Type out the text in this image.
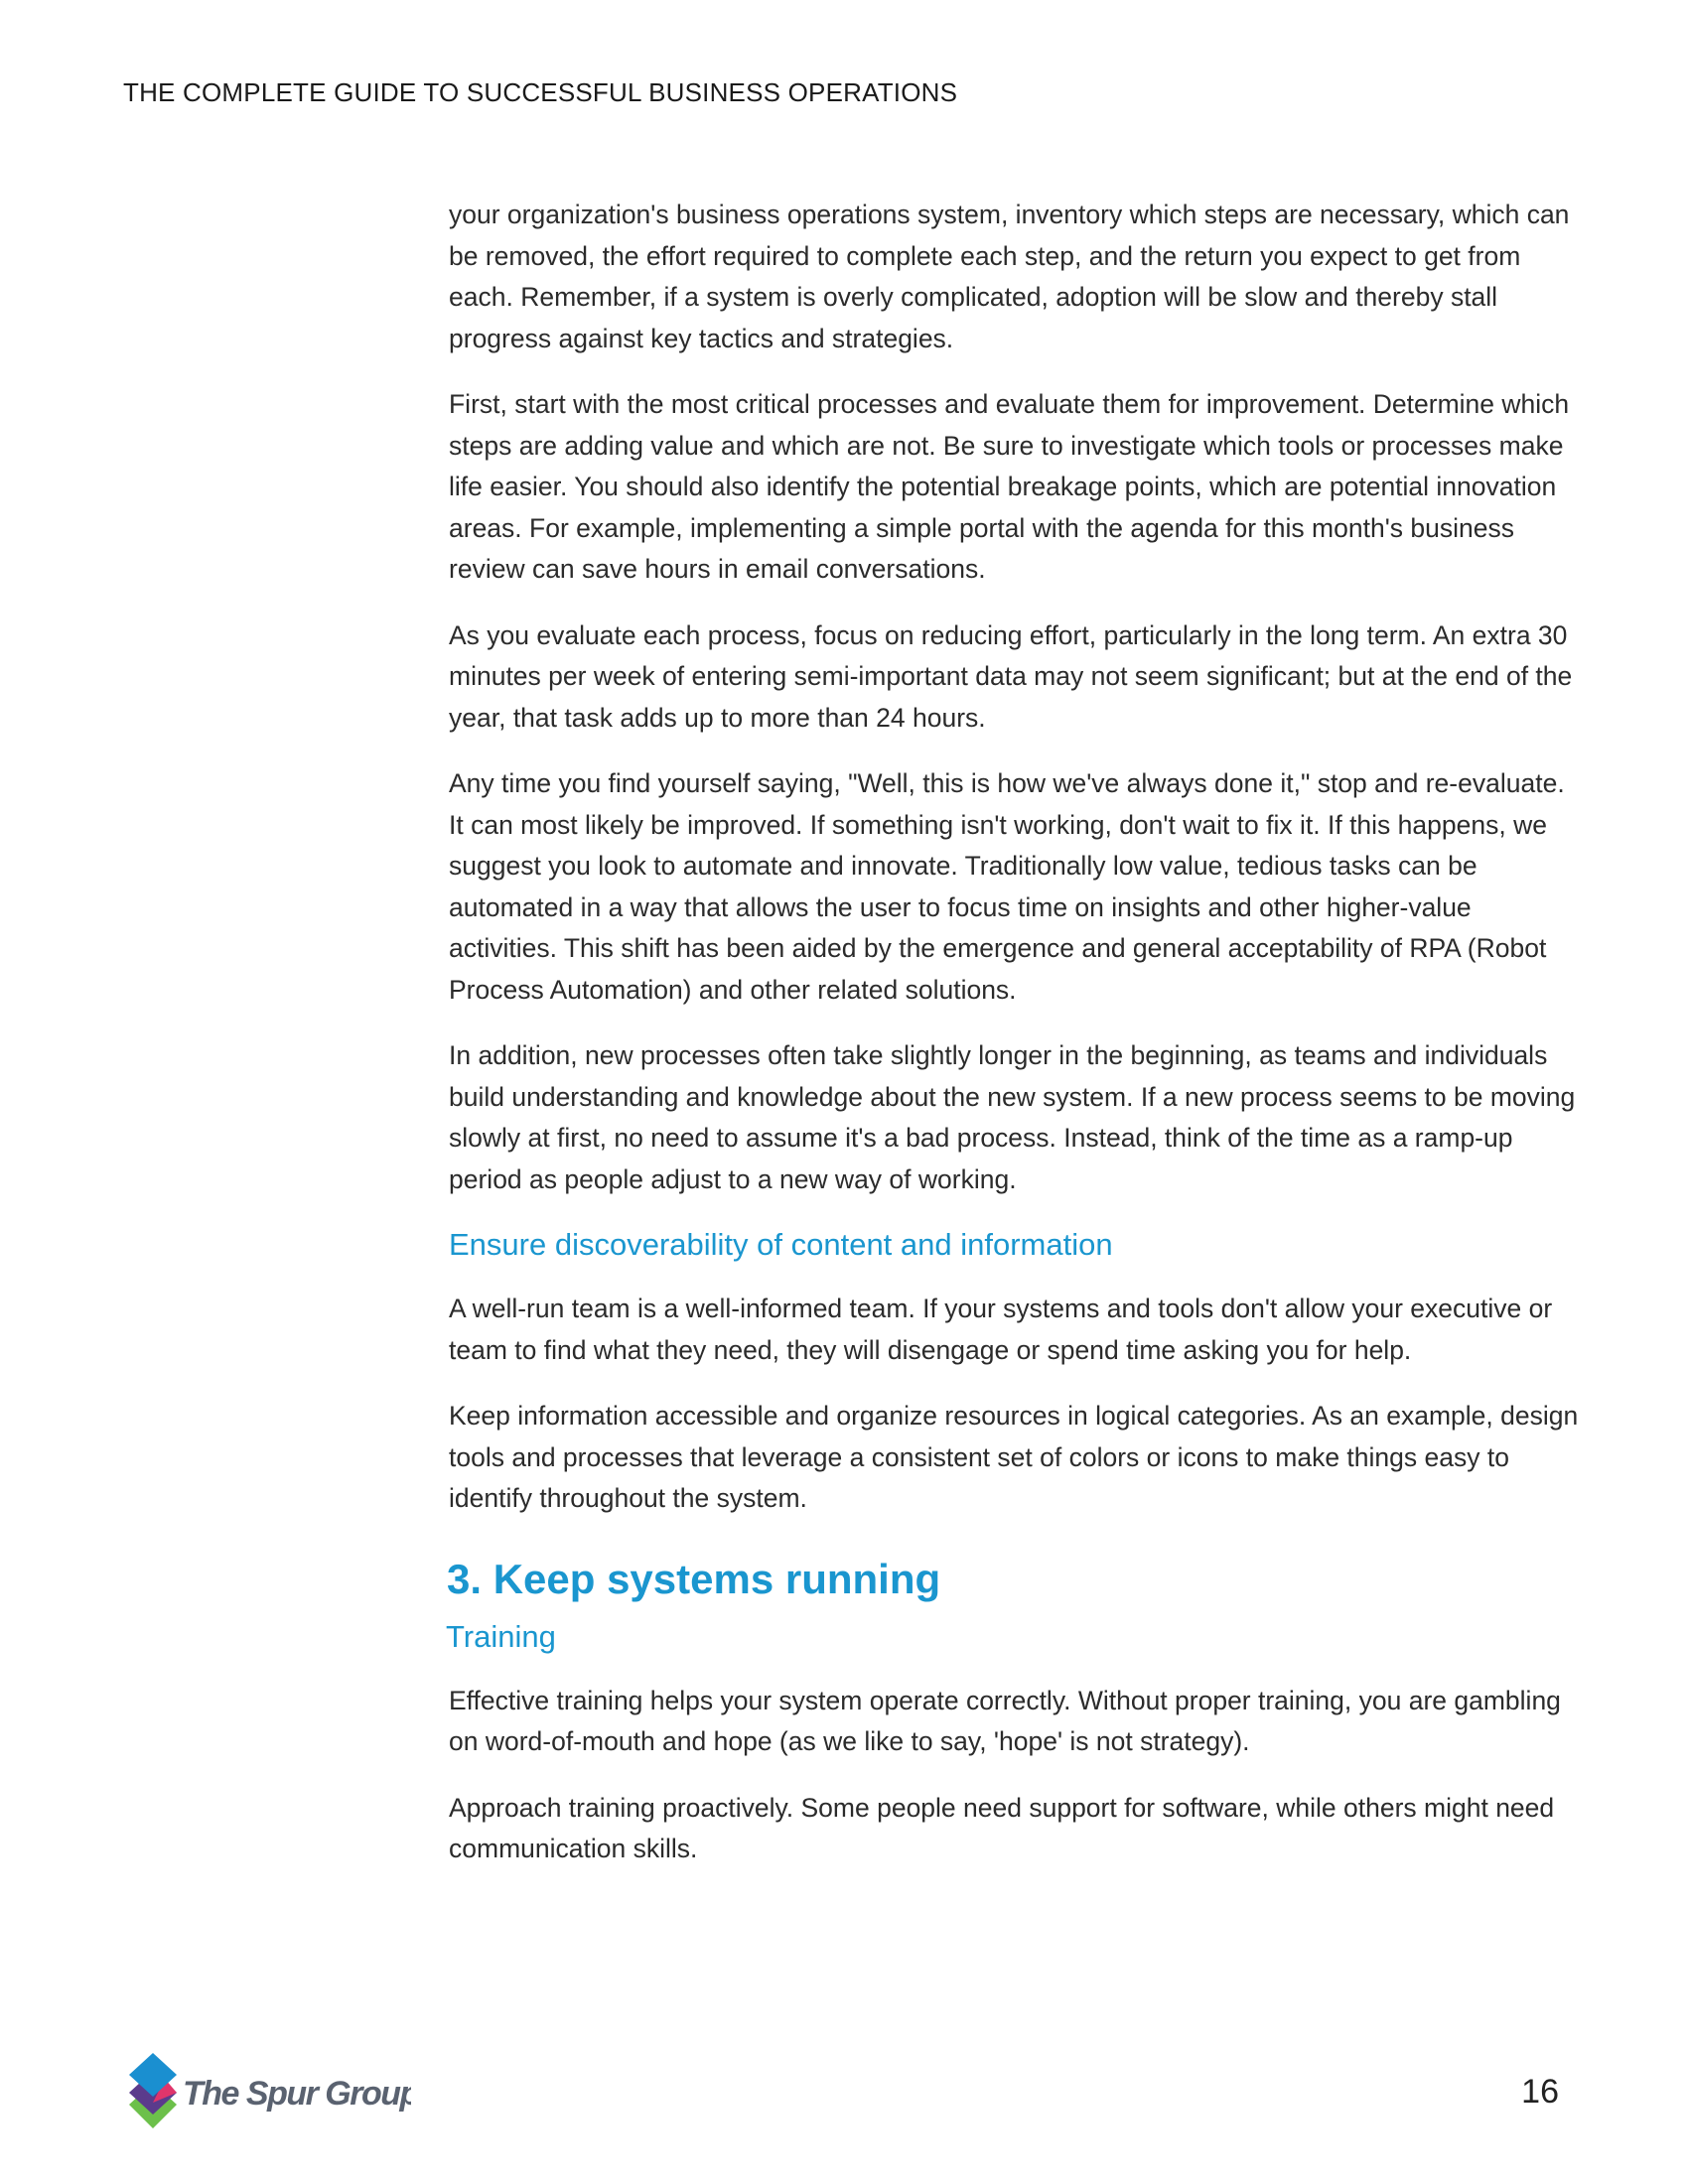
THE COMPLETE GUIDE TO SUCCESSFUL BUSINESS OPERATIONS

your organization's business operations system, inventory which steps are necessary, which can be removed, the effort required to complete each step, and the return you expect to get from each. Remember, if a system is overly complicated, adoption will be slow and thereby stall progress against key tactics and strategies.

First, start with the most critical processes and evaluate them for improvement. Determine which steps are adding value and which are not. Be sure to investigate which tools or processes make life easier. You should also identify the potential breakage points, which are potential innovation areas. For example, implementing a simple portal with the agenda for this month's business review can save hours in email conversations.

As you evaluate each process, focus on reducing effort, particularly in the long term. An extra 30 minutes per week of entering semi-important data may not seem significant; but at the end of the year, that task adds up to more than 24 hours.

Any time you find yourself saying, "Well, this is how we've always done it," stop and re-evaluate. It can most likely be improved. If something isn't working, don't wait to fix it. If this happens, we suggest you look to automate and innovate. Traditionally low value, tedious tasks can be automated in a way that allows the user to focus time on insights and other higher-value activities. This shift has been aided by the emergence and general acceptability of RPA (Robot Process Automation) and other related solutions.

In addition, new processes often take slightly longer in the beginning, as teams and individuals build understanding and knowledge about the new system. If a new process seems to be moving slowly at first, no need to assume it's a bad process. Instead, think of the time as a ramp-up period as people adjust to a new way of working.

Ensure discoverability of content and information

A well-run team is a well-informed team. If your systems and tools don't allow your executive or team to find what they need, they will disengage or spend time asking you for help.

Keep information accessible and organize resources in logical categories. As an example, design tools and processes that leverage a consistent set of colors or icons to make things easy to identify throughout the system.

3. Keep systems running
Training

Effective training helps your system operate correctly. Without proper training, you are gambling on word-of-mouth and hope (as we like to say, 'hope' is not strategy).

Approach training proactively. Some people need support for software, while others might need communication skills.

The Spur Group	16
